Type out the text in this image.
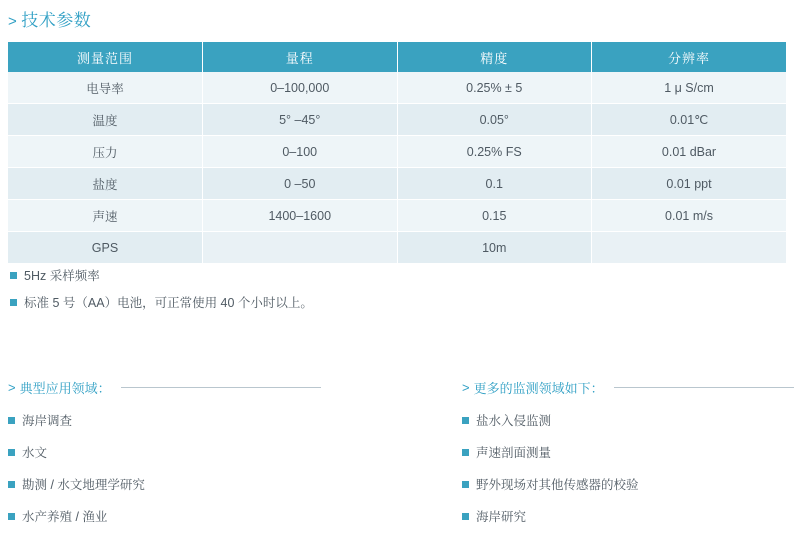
> 技术参数
测量范围	量程	精度	分辨率
电导率	0–100,000	0.25% ± 5	1 μ S/cm
温度	5° –45°	0.05°	0.01℃
压力	0–100	0.25% FS	0.01 dBar
盐度	0 –50	0.1	0.01 ppt
声速	1400–1600	0.15	0.01 m/s
GPS		10m	
5Hz 采样频率
标准 5 号（AA）电池，可正常使用 40 个小时以上。
> 典型应用领域：
海岸调查
水文
勘测 / 水文地理学研究
水产养殖 / 渔业
> 更多的监测领域如下：
盐水入侵监测
声速剖面测量
野外现场对其他传感器的校验
海岸研究
